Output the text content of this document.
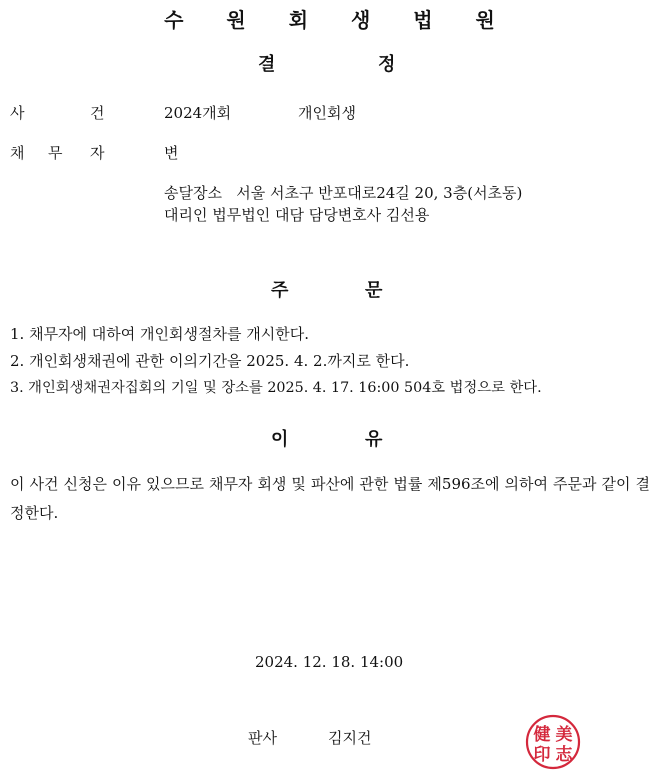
수 원 회 생 법 원
결	정
사	건	2024개회	개인회생
채 무 자	변
송달장소   서울 서초구 반포대로24길 20, 3층(서초동)
대리인 법무법인 대담 담당변호사 김선용
주	문
1. 채무자에 대하여 개인회생절차를 개시한다.
2. 개인회생채권에 관한 이의기간을 2025. 4. 2.까지로 한다.
3. 개인회생채권자집회의 기일 및 장소를 2025. 4. 17. 16:00 504호 법정으로 한다.
이	유
이 사건 신청은 이유 있으므로 채무자 회생 및 파산에 관한 법률 제596조에 의하여 주문과 같이 결정한다.
2024. 12. 18. 14:00
판사	김지건	健 美
印 志
